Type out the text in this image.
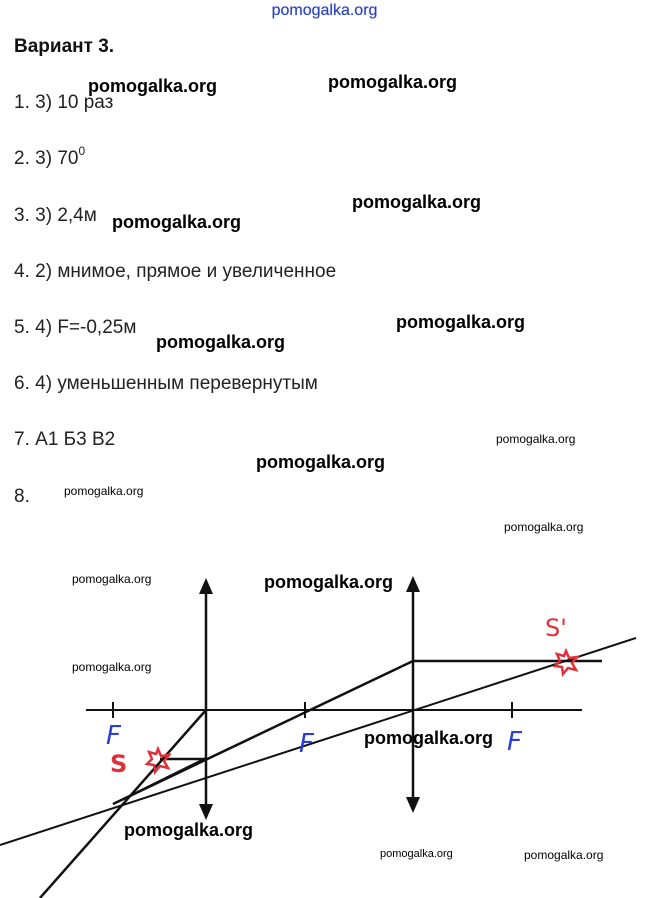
pomogalka.org
Вариант 3.
1. 3) 10 раз
2. 3) $70^0$
3. 3) 2,4м
4. 2) мнимое, прямое и увеличенное
5. 4) F=-0,25м
6. 4) уменьшенным перевернутым
7. А1 Б3 В2
8.
F	F	F
S
S'
pomogalka.org	pomogalka.org
pomogalka.org
pomogalka.org
pomogalka.org
pomogalka.org
pomogalka.org
pomogalka.org
pomogalka.org
pomogalka.org
pomogalka.org	pomogalka.org
pomogalka.org
pomogalka.org
pomogalka.org
pomogalka.org	pomogalka.org
